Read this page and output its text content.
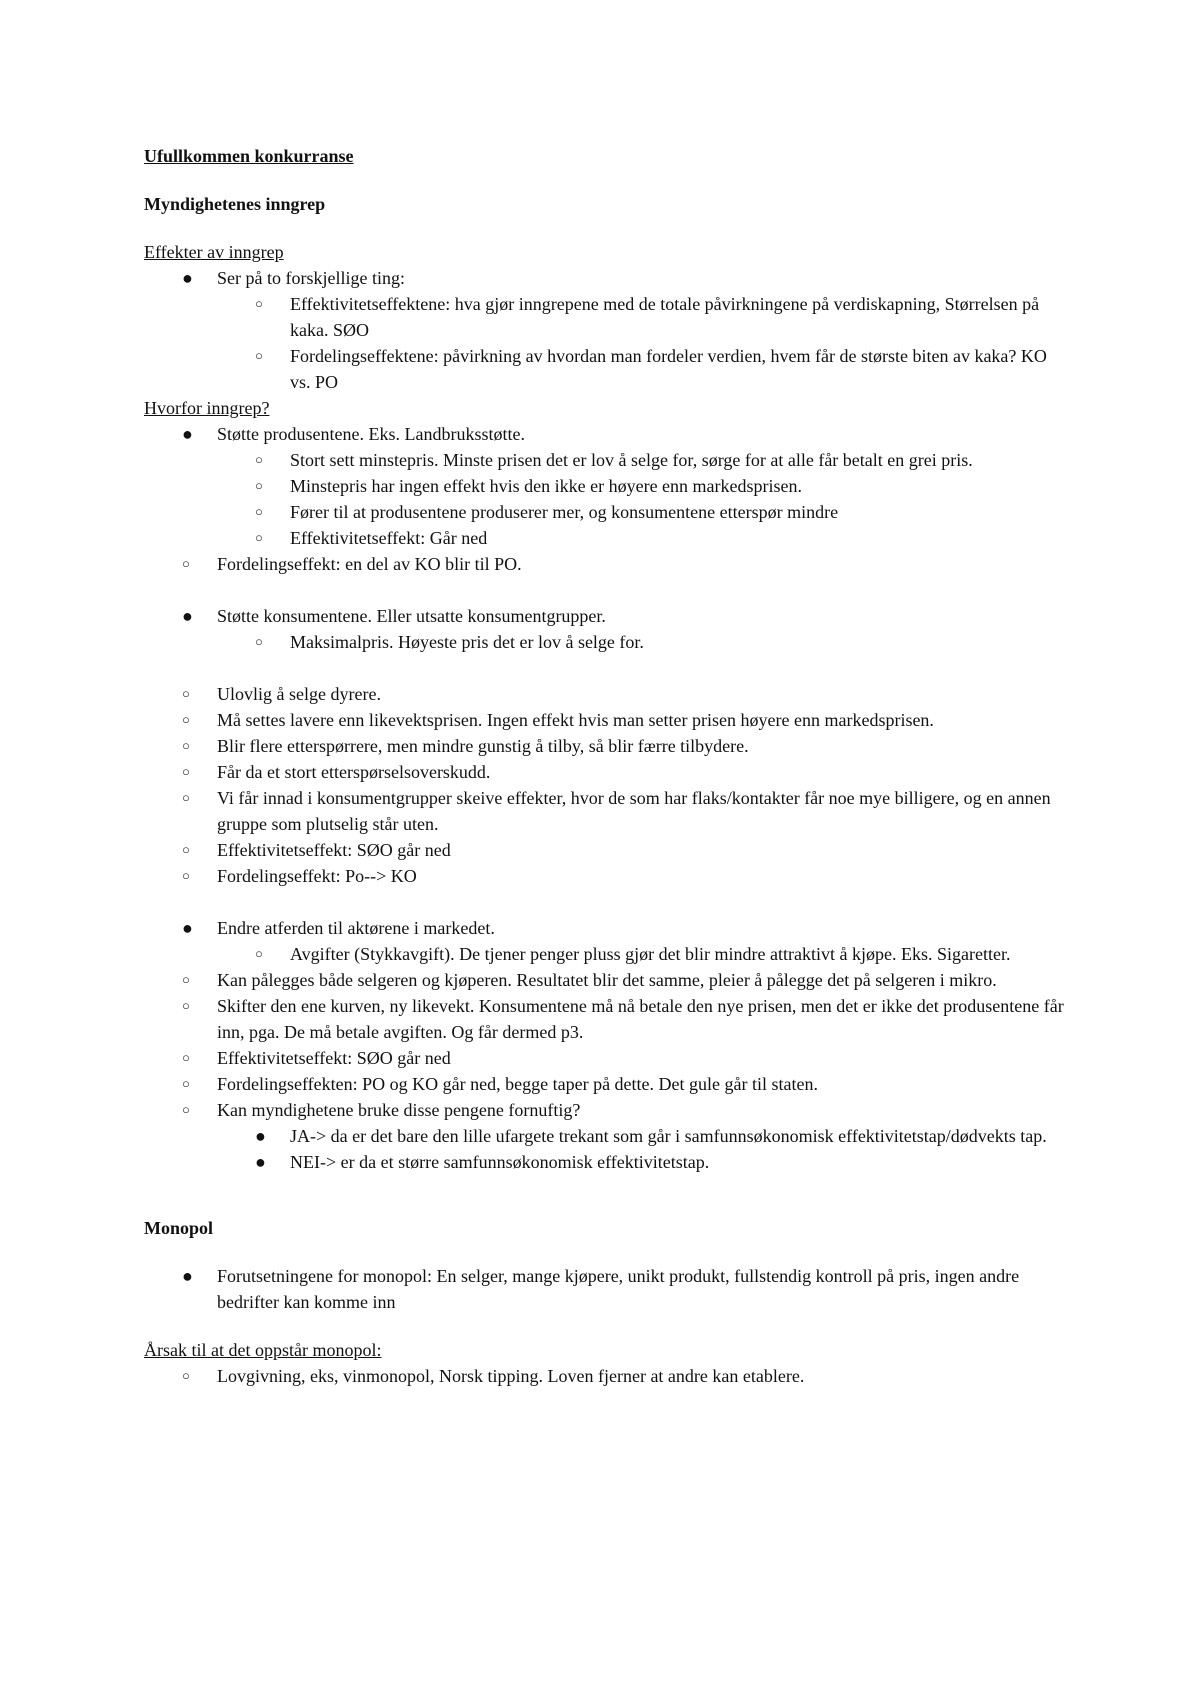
Ufullkommen konkurranse
Myndighetenes inngrep
Effekter av inngrep
● Ser på to forskjellige ting:
○ Effektivitetseffektene: hva gjør inngrepene med de totale påvirkningene på verdiskapning, Størrelsen på kaka. SØO
○ Fordelingseffektene: påvirkning av hvordan man fordeler verdien, hvem får de største biten av kaka? KO vs. PO
Hvorfor inngrep?
● Støtte produsentene. Eks. Landbruksstøtte.
○ Stort sett minstepris. Minste prisen det er lov å selge for, sørge for at alle får betalt en grei pris.
○ Minstepris har ingen effekt hvis den ikke er høyere enn markedsprisen.
○ Fører til at produsentene produserer mer, og konsumentene etterspør mindre
○ Effektivitetseffekt: Går ned
○ Fordelingseffekt: en del av KO blir til PO.
● Støtte konsumentene. Eller utsatte konsumentgrupper.
○ Maksimalpris. Høyeste pris det er lov å selge for.
○ Ulovlig å selge dyrere.
○ Må settes lavere enn likevektsprisen. Ingen effekt hvis man setter prisen høyere enn markedsprisen.
○ Blir flere etterspørrere, men mindre gunstig å tilby, så blir færre tilbydere.
○ Får da et stort etterspørselsoverskudd.
○ Vi får innad i konsumentgrupper skeive effekter, hvor de som har flaks/kontakter får noe mye billigere, og en annen gruppe som plutselig står uten.
○ Effektivitetseffekt: SØO går ned
○ Fordelingseffekt: Po--> KO
● Endre atferden til aktørene i markedet.
○ Avgifter (Stykkavgift). De tjener penger pluss gjør det blir mindre attraktivt å kjøpe. Eks. Sigaretter.
○ Kan pålegges både selgeren og kjøperen. Resultatet blir det samme, pleier å pålegge det på selgeren i mikro.
○ Skifter den ene kurven, ny likevekt. Konsumentene må nå betale den nye prisen, men det er ikke det produsentene får inn, pga. De må betale avgiften. Og får dermed p3.
○ Effektivitetseffekt: SØO går ned
○ Fordelingseffekten: PO og KO går ned, begge taper på dette. Det gule går til staten.
○ Kan myndighetene bruke disse pengene fornuftig?
● JA-> da er det bare den lille ufargete trekant som går i samfunnsøkonomisk effektivitetstap/dødvekts tap.
● NEI-> er da et større samfunnsøkonomisk effektivitetstap.
Monopol
● Forutsetningene for monopol: En selger, mange kjøpere, unikt produkt, fullstendig kontroll på pris, ingen andre bedrifter kan komme inn
Årsak til at det oppstår monopol:
○ Lovgivning, eks, vinmonopol, Norsk tipping. Loven fjerner at andre kan etablere.
